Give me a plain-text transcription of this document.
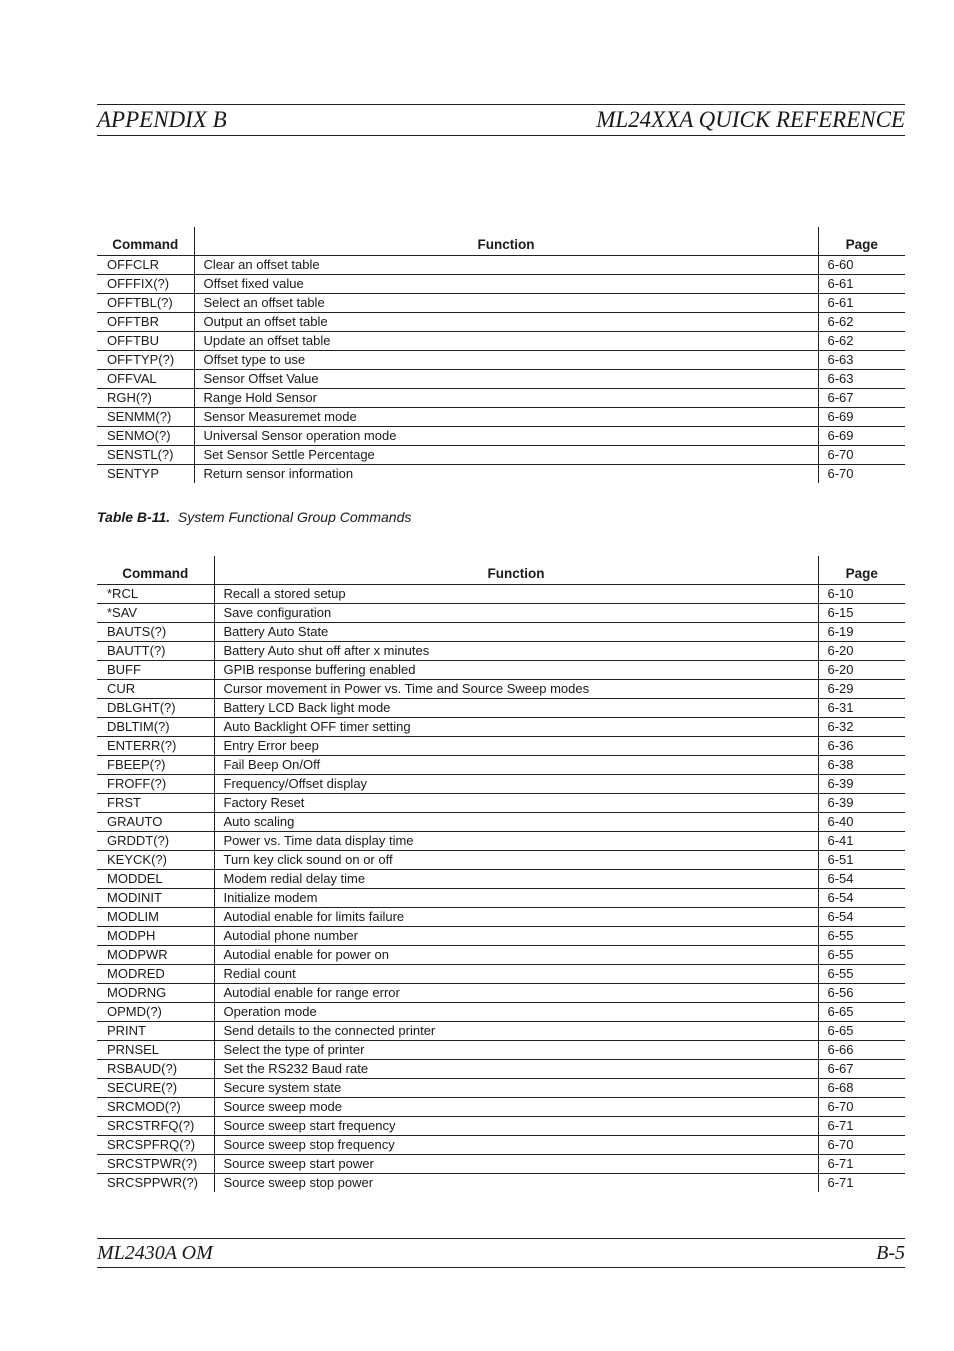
APPENDIX B	ML24XXA QUICK REFERENCE
Command	Function	Page
OFFCLR	Clear an offset table	6-60
OFFFIX(?)	Offset fixed value	6-61
OFFTBL(?)	Select an offset table	6-61
OFFTBR	Output an offset table	6-62
OFFTBU	Update an offset table	6-62
OFFTYP(?)	Offset type to use	6-63
OFFVAL	Sensor Offset Value	6-63
RGH(?)	Range Hold Sensor	6-67
SENMM(?)	Sensor Measuremet mode	6-69
SENMO(?)	Universal Sensor operation mode	6-69
SENSTL(?)	Set Sensor Settle Percentage	6-70
SENTYP	Return sensor information	6-70
Table B-11. System Functional Group Commands
Command	Function	Page
*RCL	Recall a stored setup	6-10
*SAV	Save configuration	6-15
BAUTS(?)	Battery Auto State	6-19
BAUTT(?)	Battery Auto shut off after x minutes	6-20
BUFF	GPIB response buffering enabled	6-20
CUR	Cursor movement in Power vs. Time and Source Sweep modes	6-29
DBLGHT(?)	Battery LCD Back light mode	6-31
DBLTIM(?)	Auto Backlight OFF timer setting	6-32
ENTERR(?)	Entry Error beep	6-36
FBEEP(?)	Fail Beep On/Off	6-38
FROFF(?)	Frequency/Offset display	6-39
FRST	Factory Reset	6-39
GRAUTO	Auto scaling	6-40
GRDDT(?)	Power vs. Time data display time	6-41
KEYCK(?)	Turn key click sound on or off	6-51
MODDEL	Modem redial delay time	6-54
MODINIT	Initialize modem	6-54
MODLIM	Autodial enable for limits failure	6-54
MODPH	Autodial phone number	6-55
MODPWR	Autodial enable for power on	6-55
MODRED	Redial count	6-55
MODRNG	Autodial enable for range error	6-56
OPMD(?)	Operation mode	6-65
PRINT	Send details to the connected printer	6-65
PRNSEL	Select the type of printer	6-66
RSBAUD(?)	Set the RS232 Baud rate	6-67
SECURE(?)	Secure system state	6-68
SRCMOD(?)	Source sweep mode	6-70
SRCSTRFQ(?)	Source sweep start frequency	6-71
SRCSPFRQ(?)	Source sweep stop frequency	6-70
SRCSTPWR(?)	Source sweep start power	6-71
SRCSPPWR(?)	Source sweep stop power	6-71
ML2430A OM	B-5
